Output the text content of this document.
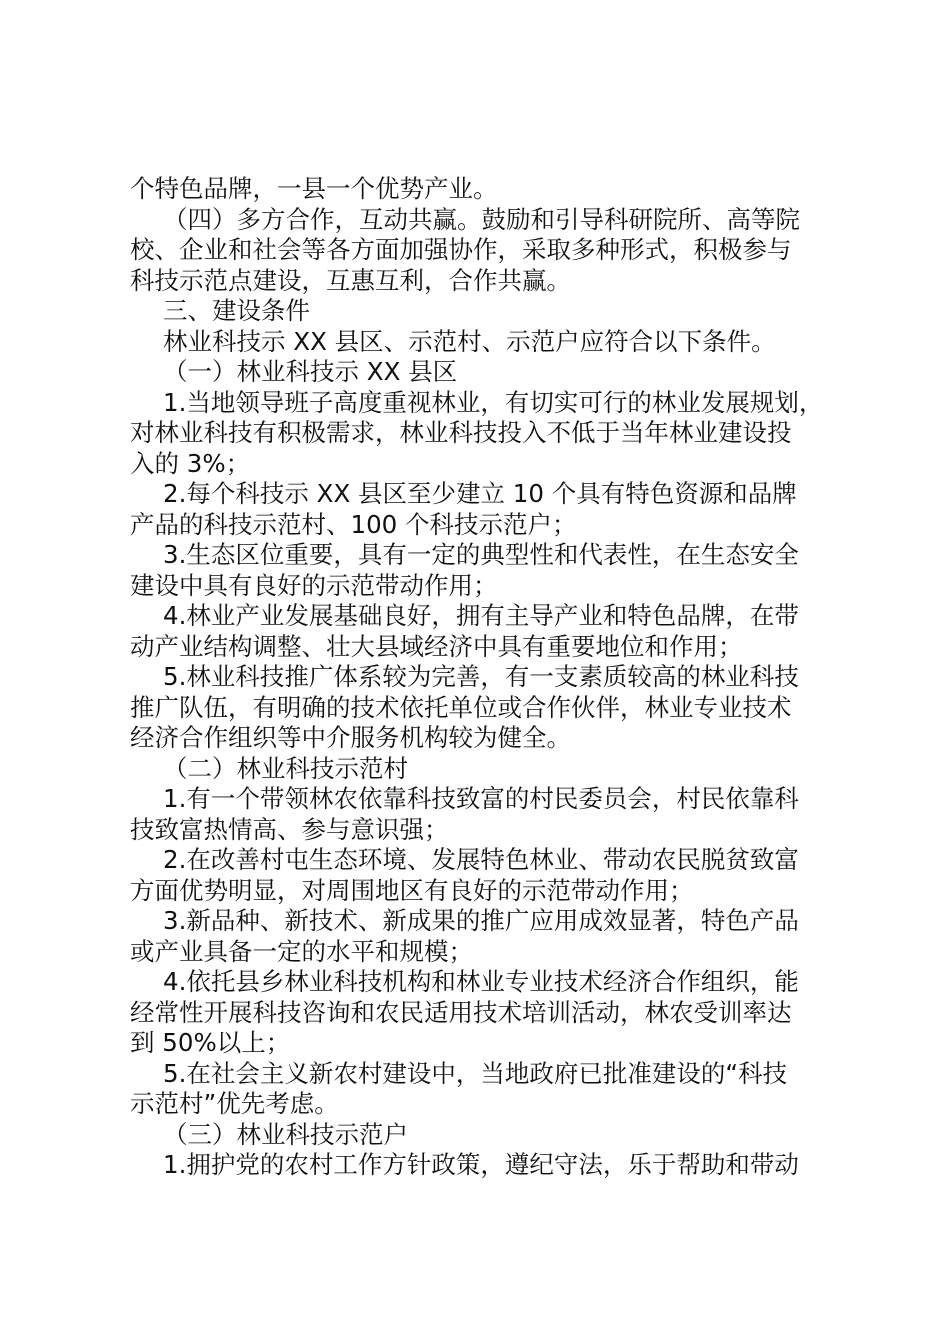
个特色品牌，一县一个优势产业。
（四）多方合作，互动共赢。鼓励和引导科研院所、高等院
校、企业和社会等各方面加强协作，采取多种形式，积极参与
科技示范点建设，互惠互利，合作共赢。
三、建设条件
林业科技示 XX 县区、示范村、示范户应符合以下条件。
（一）林业科技示 XX 县区
1.当地领导班子高度重视林业，有切实可行的林业发展规划，
对林业科技有积极需求，林业科技投入不低于当年林业建设投
入的 3%；
2.每个科技示 XX 县区至少建立 10 个具有特色资源和品牌
产品的科技示范村、100 个科技示范户；
3.生态区位重要，具有一定的典型性和代表性，在生态安全
建设中具有良好的示范带动作用；
4.林业产业发展基础良好，拥有主导产业和特色品牌，在带
动产业结构调整、壮大县域经济中具有重要地位和作用；
5.林业科技推广体系较为完善，有一支素质较高的林业科技
推广队伍，有明确的技术依托单位或合作伙伴，林业专业技术
经济合作组织等中介服务机构较为健全。
（二）林业科技示范村
1.有一个带领林农依靠科技致富的村民委员会，村民依靠科
技致富热情高、参与意识强；
2.在改善村屯生态环境、发展特色林业、带动农民脱贫致富
方面优势明显，对周围地区有良好的示范带动作用；
3.新品种、新技术、新成果的推广应用成效显著，特色产品
或产业具备一定的水平和规模；
4.依托县乡林业科技机构和林业专业技术经济合作组织，能
经常性开展科技咨询和农民适用技术培训活动，林农受训率达
到 50%以上；
5.在社会主义新农村建设中，当地政府已批准建设的“科技
示范村”优先考虑。
（三）林业科技示范户
1.拥护党的农村工作方针政策，遵纪守法，乐于帮助和带动
